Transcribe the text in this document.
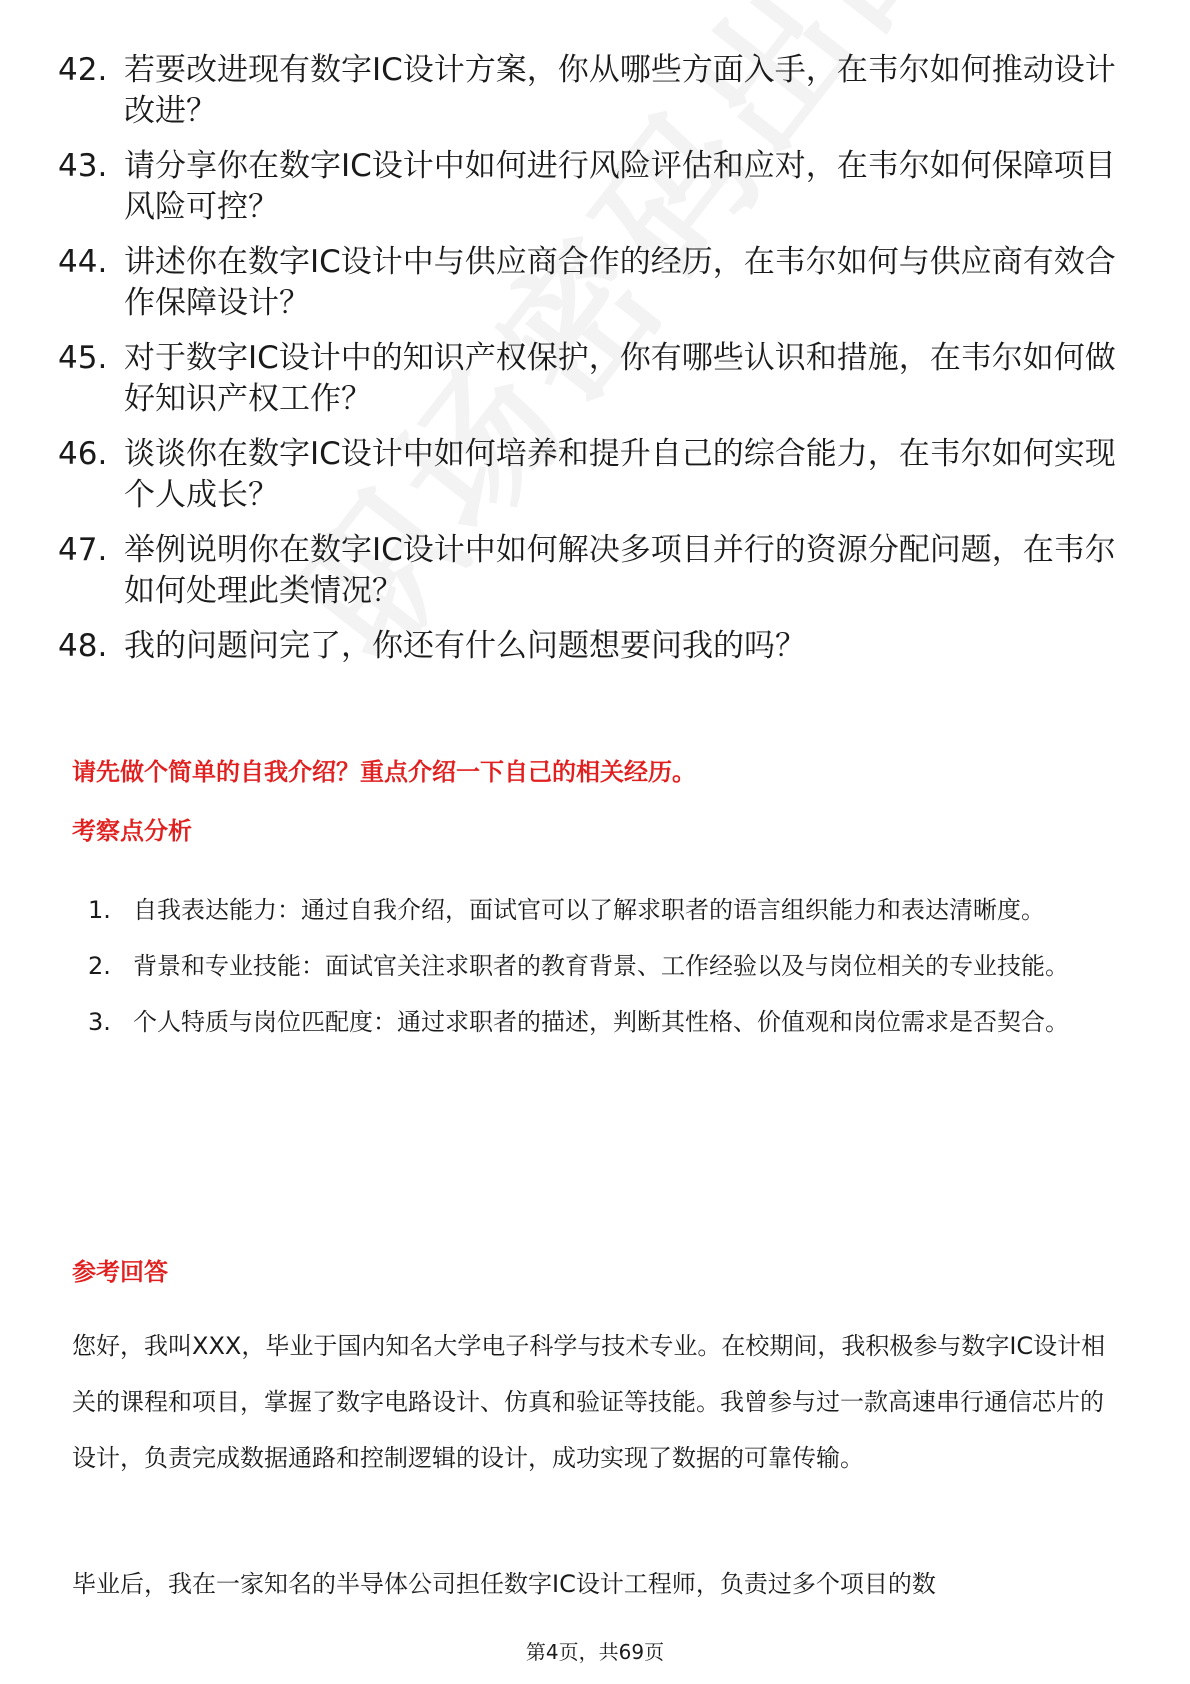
42. 若要改进现有数字IC设计方案，你从哪些方面入手，在韦尔如何推动设计改进？
43. 请分享你在数字IC设计中如何进行风险评估和应对，在韦尔如何保障项目风险可控？
44. 讲述你在数字IC设计中与供应商合作的经历，在韦尔如何与供应商有效合作保障设计？
45. 对于数字IC设计中的知识产权保护，你有哪些认识和措施，在韦尔如何做好知识产权工作？
46. 谈谈你在数字IC设计中如何培养和提升自己的综合能力，在韦尔如何实现个人成长？
47. 举例说明你在数字IC设计中如何解决多项目并行的资源分配问题，在韦尔如何处理此类情况？
48. 我的问题问完了，你还有什么问题想要问我的吗？
请先做个简单的自我介绍？重点介绍一下自己的相关经历。
考察点分析
1. 自我表达能力：通过自我介绍，面试官可以了解求职者的语言组织能力和表达清晰度。
2. 背景和专业技能：面试官关注求职者的教育背景、工作经验以及与岗位相关的专业技能。
3. 个人特质与岗位匹配度：通过求职者的描述，判断其性格、价值观和岗位需求是否契合。
参考回答
您好，我叫XXX，毕业于国内知名大学电子科学与技术专业。在校期间，我积极参与数字IC设计相关的课程和项目，掌握了数字电路设计、仿真和验证等技能。我曾参与过一款高速串行通信芯片的设计，负责完成数据通路和控制逻辑的设计，成功实现了数据的可靠传输。
毕业后，我在一家知名的半导体公司担任数字IC设计工程师，负责过多个项目的数
第4页，共69页
